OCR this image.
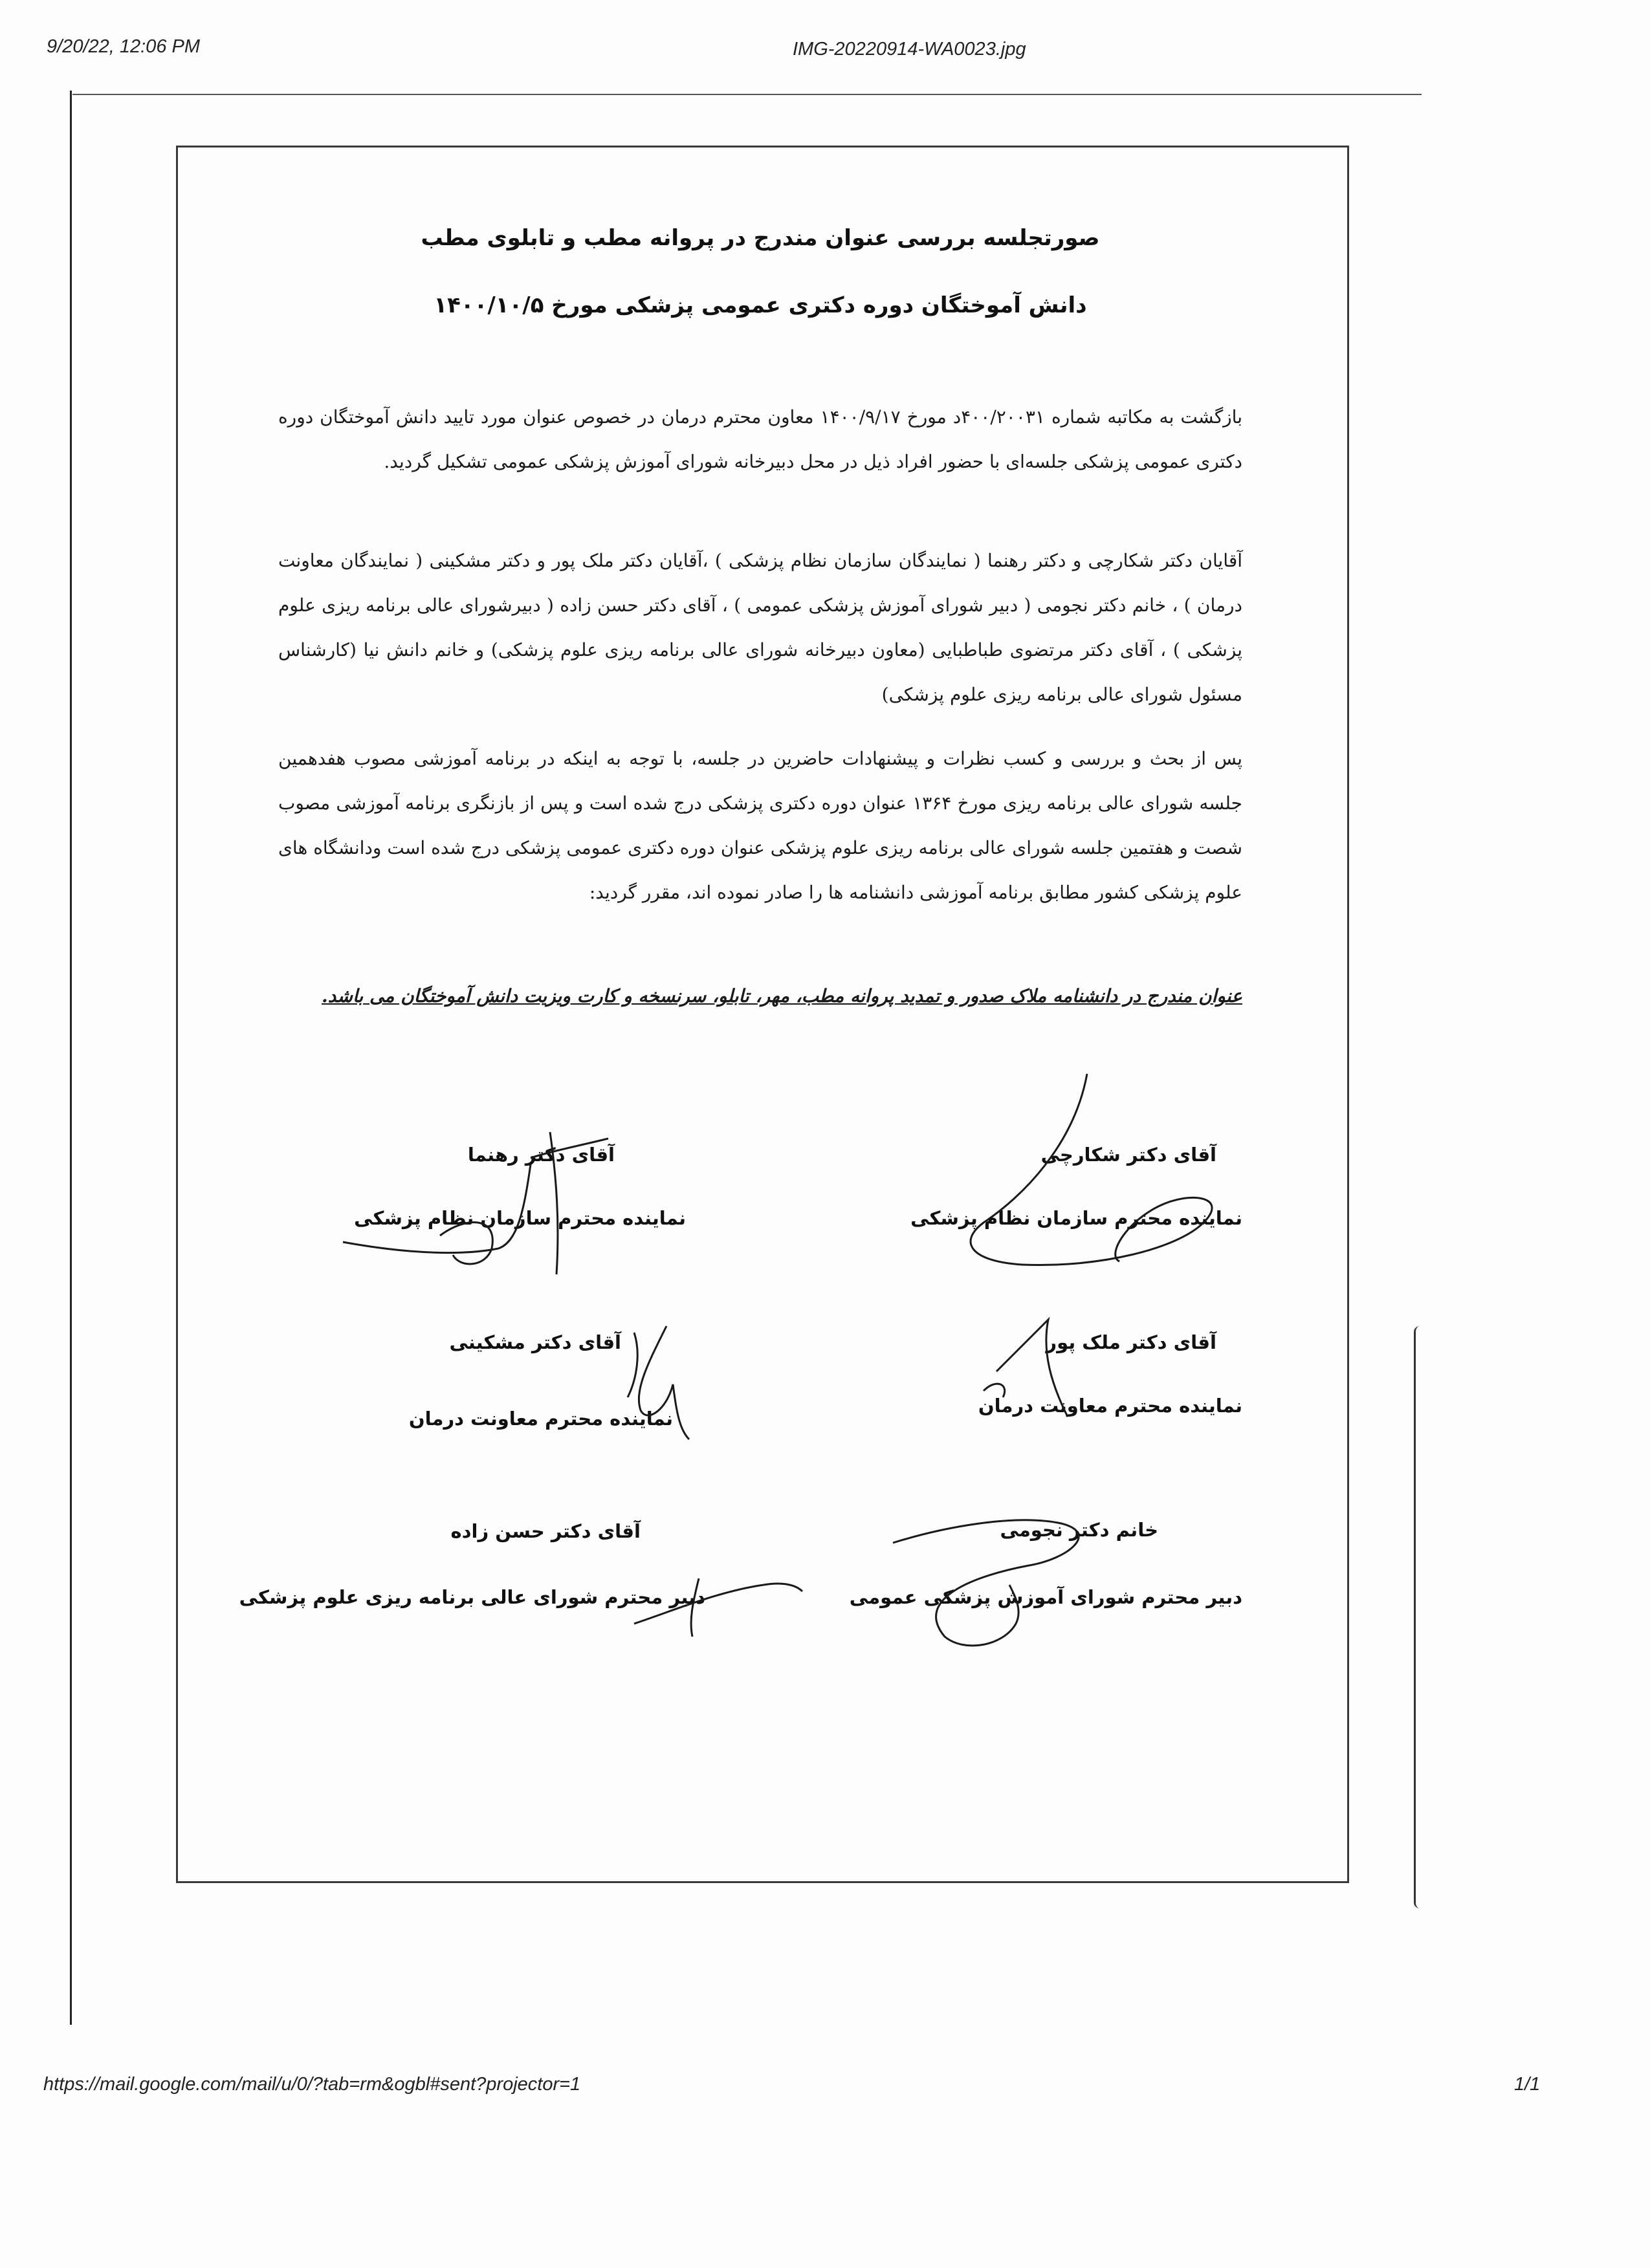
9/20/22, 12:06 PM	IMG-20220914-WA0023.jpg
https://mail.google.com/mail/u/0/?tab=rm&ogbl#sent?projector=1	1/1
صورتجلسه بررسی عنوان مندرج در پروانه مطب و تابلوی مطب
دانش آموختگان دوره دکتری عمومی پزشکی مورخ ۱۴۰۰/۱۰/۵
بازگشت به مکاتبه شماره ۴۰۰/۲۰۰۳۱د مورخ ۱۴۰۰/۹/۱۷ معاون محترم درمان در خصوص عنوان مورد تایید دانش آموختگان دوره دکتری عمومی پزشکی جلسه‌ای با حضور افراد ذیل در محل دبیرخانه شورای آموزش پزشکی عمومی تشکیل گردید.
آقایان دکتر شکارچی و دکتر رهنما ( نمایندگان سازمان نظام پزشکی ) ،آقایان دکتر ملک پور و دکتر مشکینی ( نمایندگان معاونت درمان ) ، خانم دکتر نجومی ( دبیر شورای آموزش پزشکی عمومی ) ، آقای دکتر حسن زاده ( دبیرشورای عالی برنامه ریزی علوم پزشکی ) ، آقای دکتر مرتضوی طباطبایی (معاون دبیرخانه شورای عالی برنامه ریزی علوم پزشکی) و خانم دانش نیا (کارشناس مسئول شورای عالی برنامه ریزی علوم پزشکی)
پس از بحث و بررسی و کسب نظرات و پیشنهادات حاضرین در جلسه، با توجه به اینکه در برنامه آموزشی مصوب هفدهمین جلسه شورای عالی برنامه ریزی مورخ ۱۳۶۴ عنوان دوره دکتری پزشکی درج شده است و پس از بازنگری برنامه آموزشی مصوب شصت و هفتمین جلسه شورای عالی برنامه ریزی علوم پزشکی عنوان دوره دکتری عمومی پزشکی درج شده است ودانشگاه های علوم پزشکی کشور مطابق برنامه آموزشی دانشنامه ها را صادر نموده اند، مقرر گردید:
عنوان مندرج در دانشنامه ملاک صدور و تمدید پروانه مطب، مهر، تابلو، سرنسخه و کارت ویزیت دانش آموختگان می باشد.
آقای دکتر شکارچی
نماینده محترم سازمان نظام پزشکی
آقای دکتر ملک پور
نماینده محترم معاونت درمان
خانم دکتر نجومی
دبیر محترم شورای آموزش پزشکی عمومی
آقای دکتر رهنما
نماینده محترم سازمان نظام پزشکی
آقای دکتر مشکینی
نماینده محترم معاونت درمان
آقای دکتر حسن زاده
دبیر محترم شورای عالی برنامه ریزی علوم پزشکی
